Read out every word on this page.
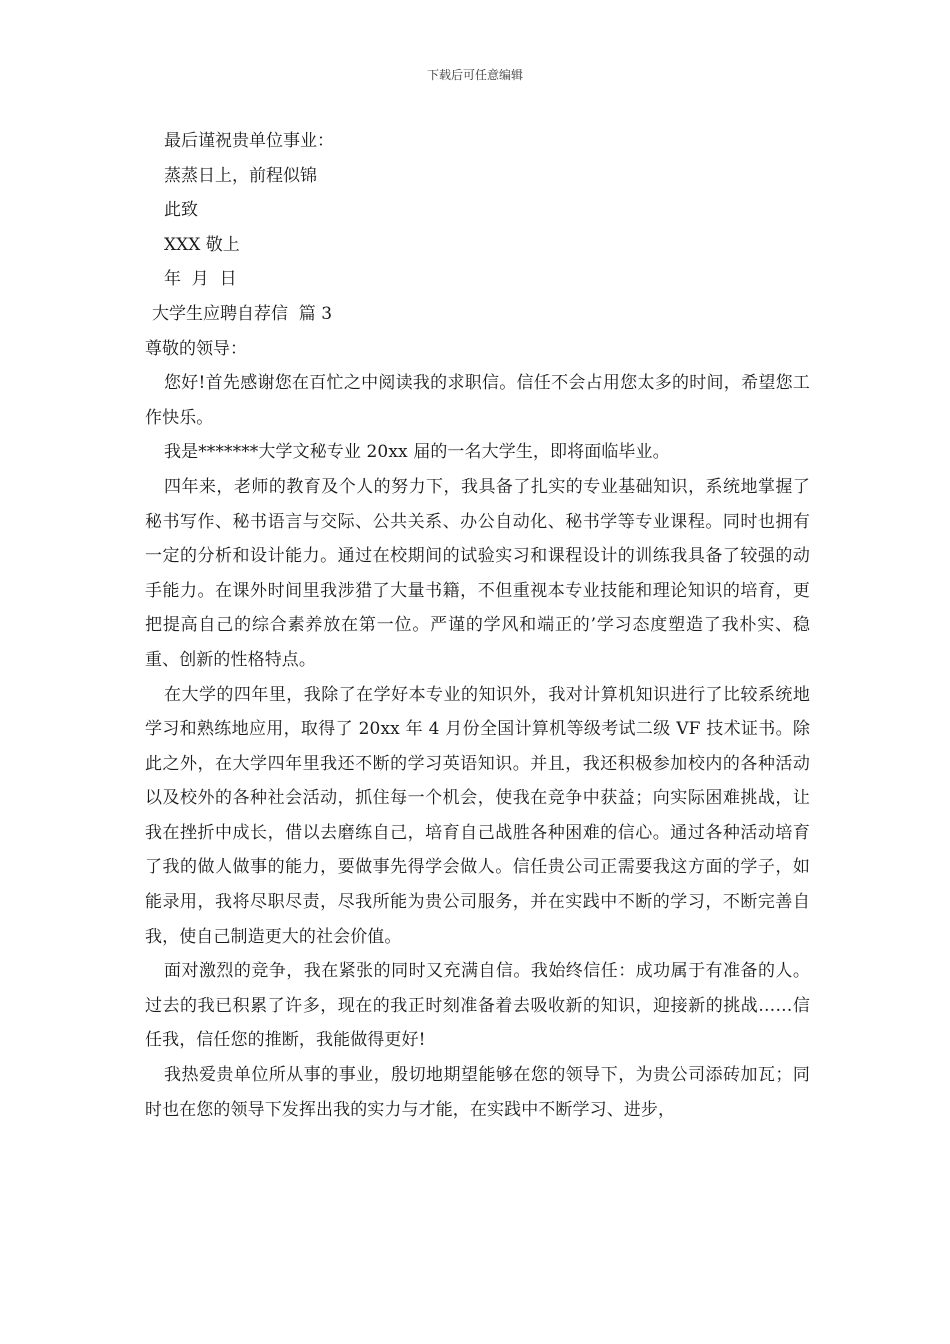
下载后可任意编辑

最后谨祝贵单位事业：

蒸蒸日上，前程似锦

此致

XXX 敬上

年  月  日

大学生应聘自荐信  篇 3

尊敬的领导：

您好!首先感谢您在百忙之中阅读我的求职信。信任不会占用您太多的时间，希望您工作快乐。

我是*******大学文秘专业 20xx 届的一名大学生，即将面临毕业。

四年来，老师的教育及个人的努力下，我具备了扎实的专业基础知识，系统地掌握了秘书写作、秘书语言与交际、公共关系、办公自动化、秘书学等专业课程。同时也拥有一定的分析和设计能力。通过在校期间的试验实习和课程设计的训练我具备了较强的动手能力。在课外时间里我涉猎了大量书籍，不但重视本专业技能和理论知识的培育，更把提高自己的综合素养放在第一位。严谨的学风和端正的’学习态度塑造了我朴实、稳重、创新的性格特点。

在大学的四年里，我除了在学好本专业的知识外，我对计算机知识进行了比较系统地学习和熟练地应用，取得了 20xx 年 4 月份全国计算机等级考试二级 VF 技术证书。除此之外，在大学四年里我还不断的学习英语知识。并且，我还积极参加校内的各种活动以及校外的各种社会活动，抓住每一个机会，使我在竞争中获益；向实际困难挑战，让我在挫折中成长，借以去磨练自己，培育自己战胜各种困难的信心。通过各种活动培育了我的做人做事的能力，要做事先得学会做人。信任贵公司正需要我这方面的学子，如能录用，我将尽职尽责，尽我所能为贵公司服务，并在实践中不断的学习，不断完善自我，使自己制造更大的社会价值。

面对激烈的竞争，我在紧张的同时又充满自信。我始终信任：成功属于有准备的人。过去的我已积累了许多，现在的我正时刻准备着去吸收新的知识，迎接新的挑战……信任我，信任您的推断，我能做得更好!

我热爱贵单位所从事的事业，殷切地期望能够在您的领导下，为贵公司添砖加瓦；同时也在您的领导下发挥出我的实力与才能，在实践中不断学习、进步，
